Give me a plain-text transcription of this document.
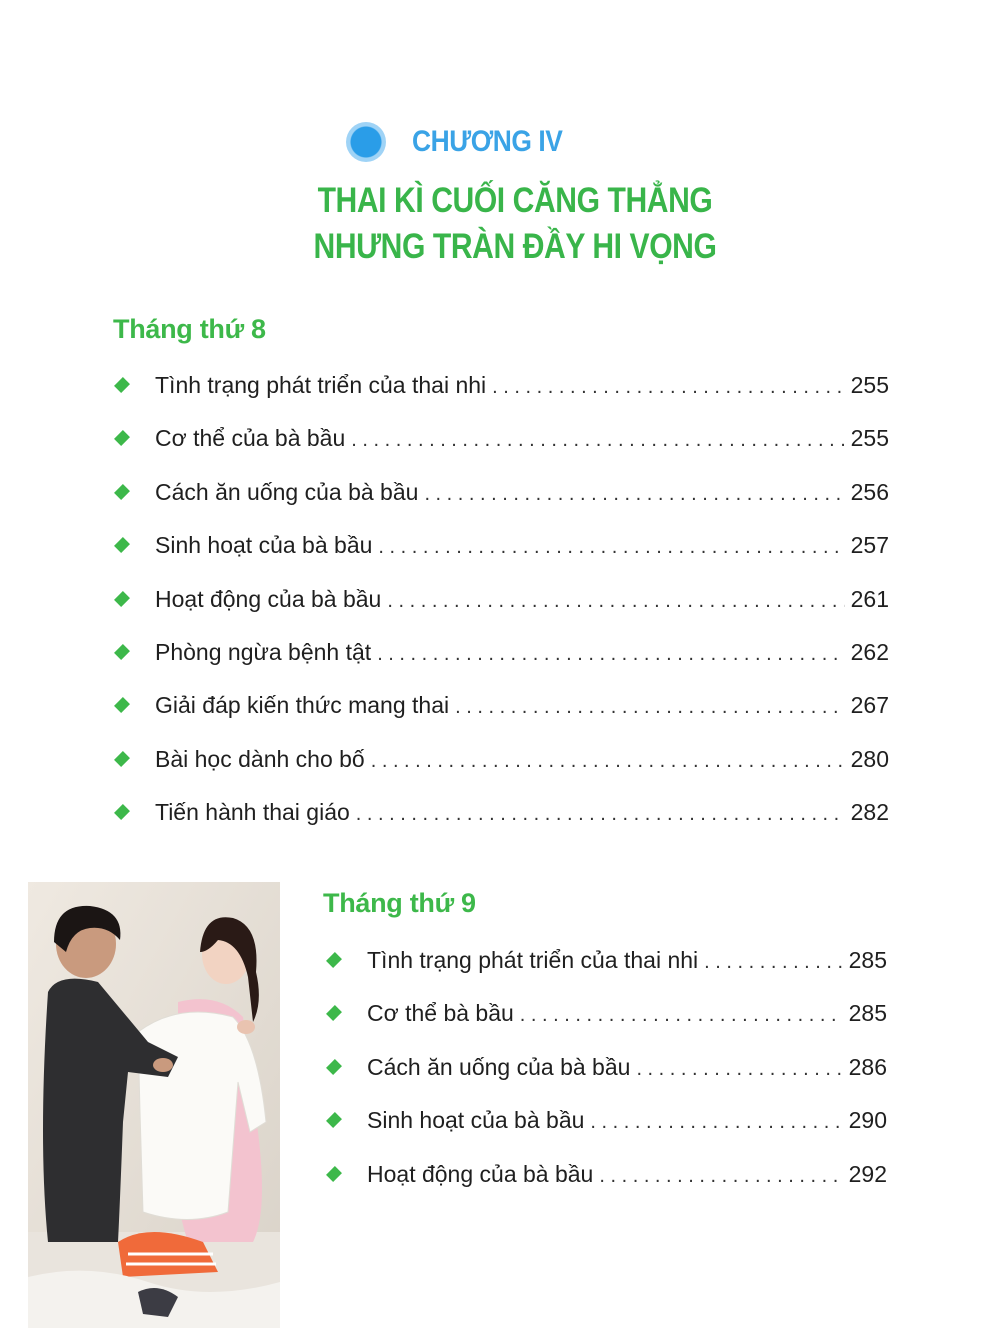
CHƯƠNG IV
THAI KÌ CUỐI CĂNG THẲNG
NHƯNG TRÀN ĐẦY HI VỌNG
Tháng thứ 8
Tình trạng phát triển của thai nhi . . .	255
Cơ thể của bà bầu . . .	255
Cách ăn uống của bà bầu . . .	256
Sinh hoạt của bà bầu . . .	257
Hoạt động của bà bầu . . .	261
Phòng ngừa bệnh tật . . .	262
Giải đáp kiến thức mang thai . . .	267
Bài học dành cho bố . . .	280
Tiến hành thai giáo . . .	282
Tháng thứ 9
Tình trạng phát triển của thai nhi . . .	285
Cơ thể bà bầu . . .	285
Cách ăn uống của bà bầu . . .	286
Sinh hoạt của bà bầu . . .	290
Hoạt động của bà bầu . . .	292
